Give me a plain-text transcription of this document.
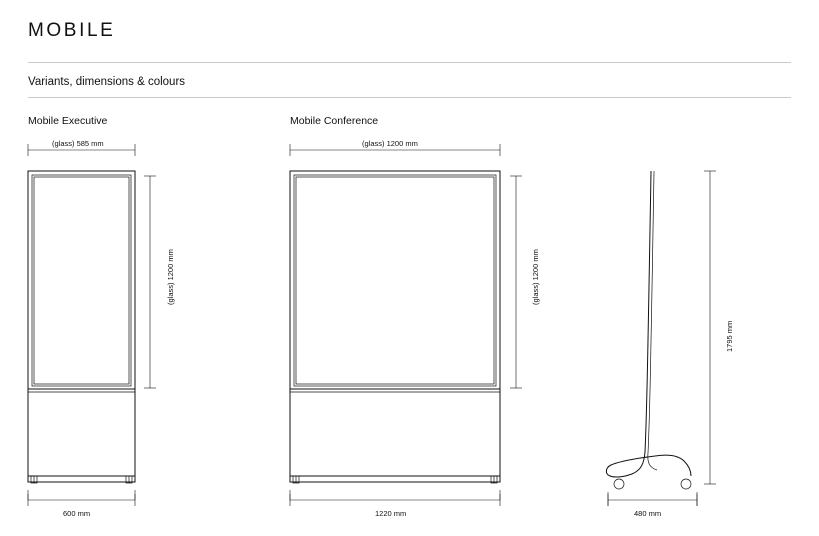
MOBILE
Variants, dimensions & colours
Mobile Executive	Mobile Conference
(glass) 585 mm
(glass) 1200 mm
600 mm
(glass) 1200 mm
(glass) 1200 mm
1220 mm
1795 mm
480 mm
